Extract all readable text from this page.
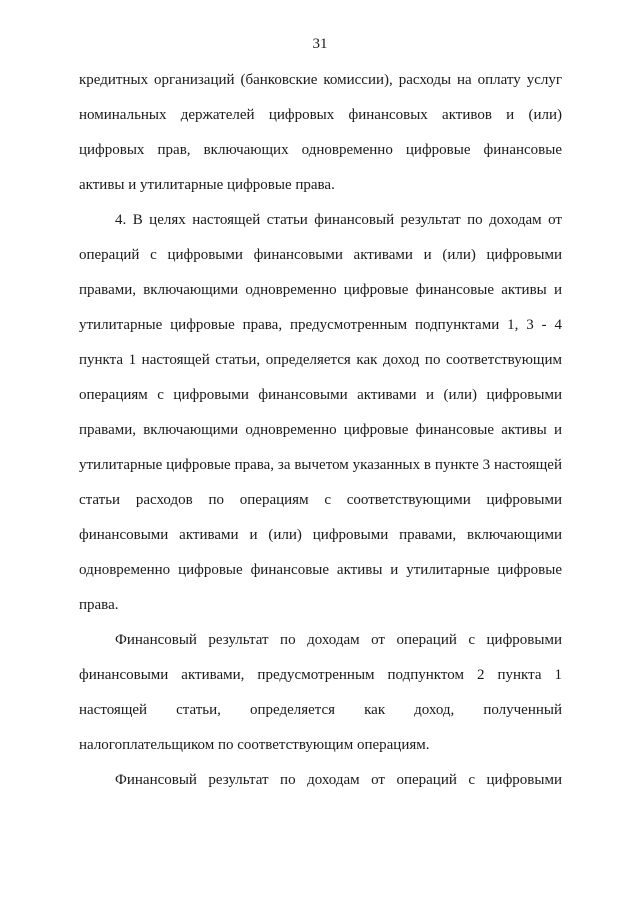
31
кредитных организаций (банковские комиссии), расходы на оплату услуг
номинальных держателей цифровых финансовых активов и (или)
цифровых прав, включающих одновременно цифровые финансовые
активы и утилитарные цифровые права.
4. В целях настоящей статьи финансовый результат по доходам от
операций с цифровыми финансовыми активами и (или) цифровыми
правами, включающими одновременно цифровые финансовые активы и
утилитарные цифровые права, предусмотренным подпунктами 1, 3 - 4
пункта 1 настоящей статьи, определяется как доход по соответствующим
операциям с цифровыми финансовыми активами и (или) цифровыми
правами, включающими одновременно цифровые финансовые активы и
утилитарные цифровые права, за вычетом указанных в пункте 3 настоящей
статьи расходов по операциям с соответствующими цифровыми
финансовыми активами и (или) цифровыми правами, включающими
одновременно цифровые финансовые активы и утилитарные цифровые
права.
Финансовый результат по доходам от операций с цифровыми
финансовыми активами, предусмотренным подпунктом 2 пункта 1
настоящей статьи, определяется как доход, полученный
налогоплательщиком по соответствующим операциям.
Финансовый результат по доходам от операций с цифровыми
